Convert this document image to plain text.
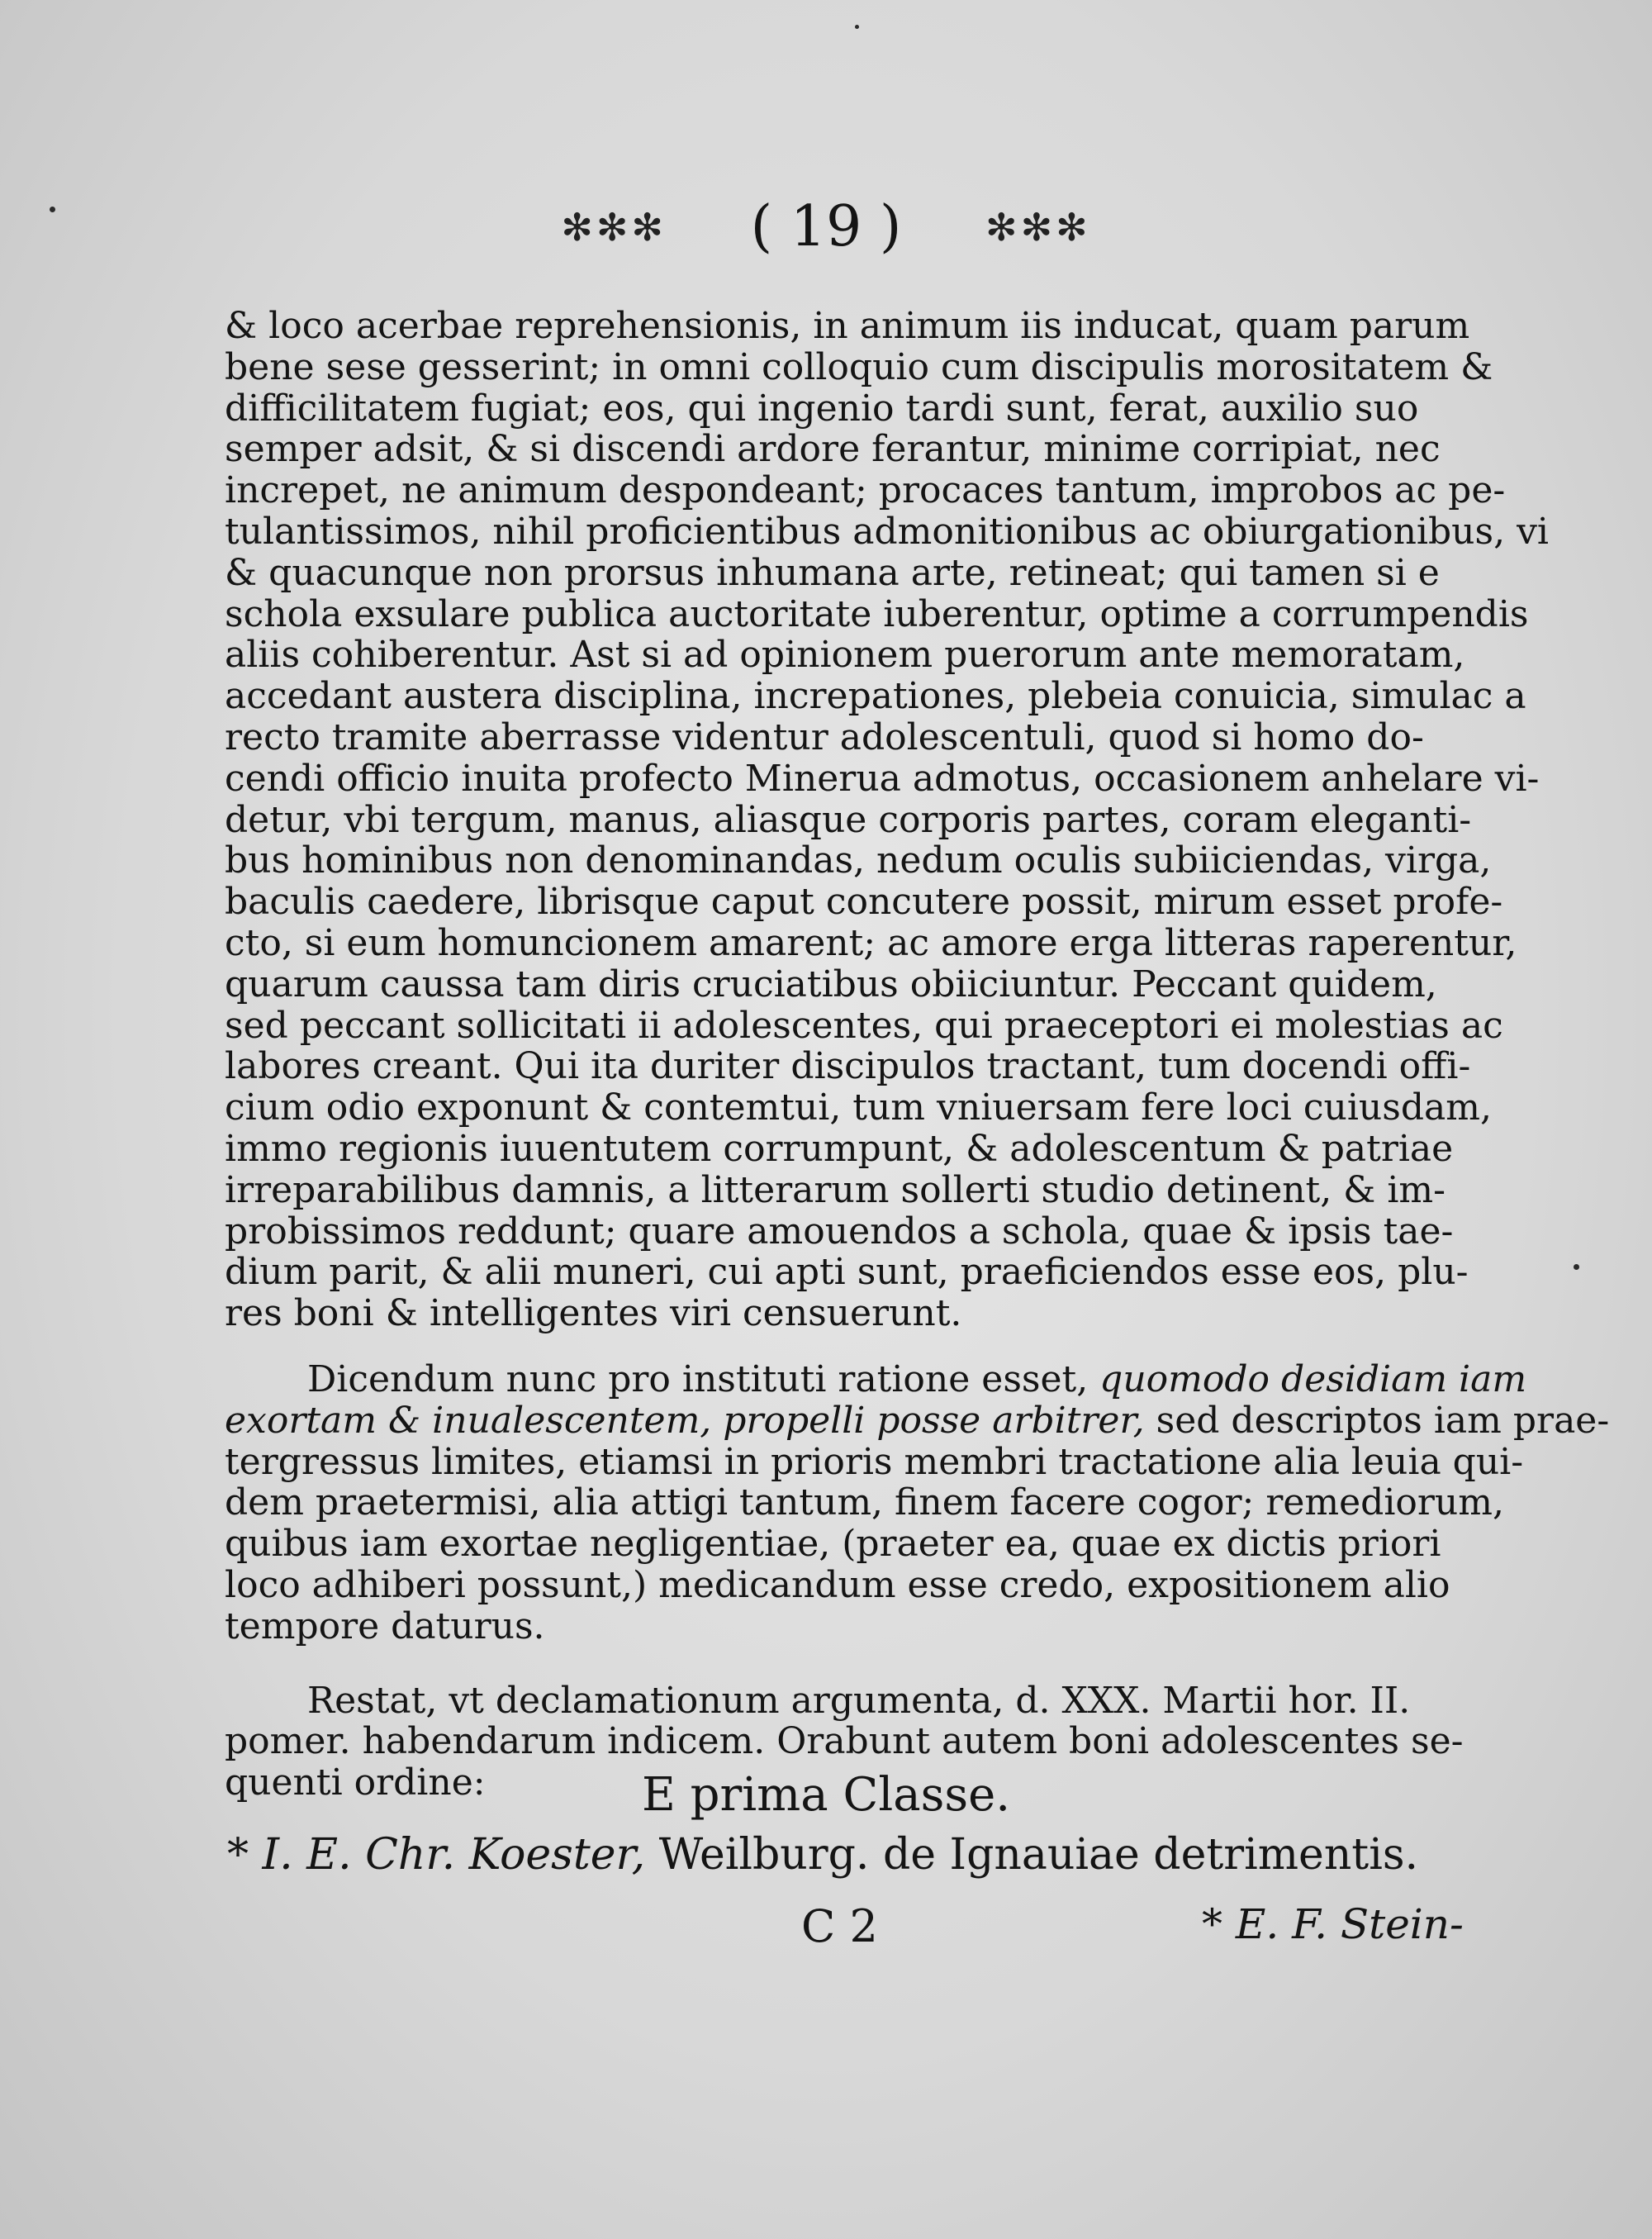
✻✻✻ ( 19 ) ✻✻✻
& loco acerbae reprehensionis, in animum iis inducat, quam parum
bene sese gesserint; in omni colloquio cum discipulis morositatem &
difficilitatem fugiat; eos, qui ingenio tardi sunt, ferat, auxilio suo
semper adsit, & si discendi ardore ferantur, minime corripiat, nec
increpet, ne animum despondeant; procaces tantum, improbos ac pe-
tulantissimos, nihil proficientibus admonitionibus ac obiurgationibus, vi
& quacunque non prorsus inhumana arte, retineat; qui tamen si e
schola exsulare publica auctoritate iuberentur, optime a corrumpendis
aliis cohiberentur. Ast si ad opinionem puerorum ante memoratam,
accedant austera disciplina, increpationes, plebeia conuicia, simulac a
recto tramite aberrasse videntur adolescentuli, quod si homo do-
cendi officio inuita profecto Minerua admotus, occasionem anhelare vi-
detur, vbi tergum, manus, aliasque corporis partes, coram eleganti-
bus hominibus non denominandas, nedum oculis subiiciendas, virga,
baculis caedere, librisque caput concutere possit, mirum esset profe-
cto, si eum homuncionem amarent; ac amore erga litteras raperentur,
quarum caussa tam diris cruciatibus obiiciuntur. Peccant quidem,
sed peccant sollicitati ii adolescentes, qui praeceptori ei molestias ac
labores creant. Qui ita duriter discipulos tractant, tum docendi offi-
cium odio exponunt & contemtui, tum vniuersam fere loci cuiusdam,
immo regionis iuuentutem corrumpunt, & adolescentum & patriae
irreparabilibus damnis, a litterarum sollerti studio detinent, & im-
probissimos reddunt; quare amouendos a schola, quae & ipsis tae-
dium parit, & alii muneri, cui apti sunt, praeficiendos esse eos, plu-
res boni & intelligentes viri censuerunt.
Dicendum nunc pro instituti ratione esset, quomodo desidiam iam
exortam & inualescentem, propelli posse arbitrer, sed descriptos iam prae-
tergressus limites, etiamsi in prioris membri tractatione alia leuia qui-
dem praetermisi, alia attigi tantum, finem facere cogor; remediorum,
quibus iam exortae negligentiae, (praeter ea, quae ex dictis priori
loco adhiberi possunt,) medicandum esse credo, expositionem alio
tempore daturus.
Restat, vt declamationum argumenta, d. XXX. Martii hor. II.
pomer. habendarum indicem. Orabunt autem boni adolescentes se-
quenti ordine:	E prima Classe.
* I. E. Chr. Koester, Weilburg. de Ignauiae detrimentis.
C 2	* E. F. Stein-
